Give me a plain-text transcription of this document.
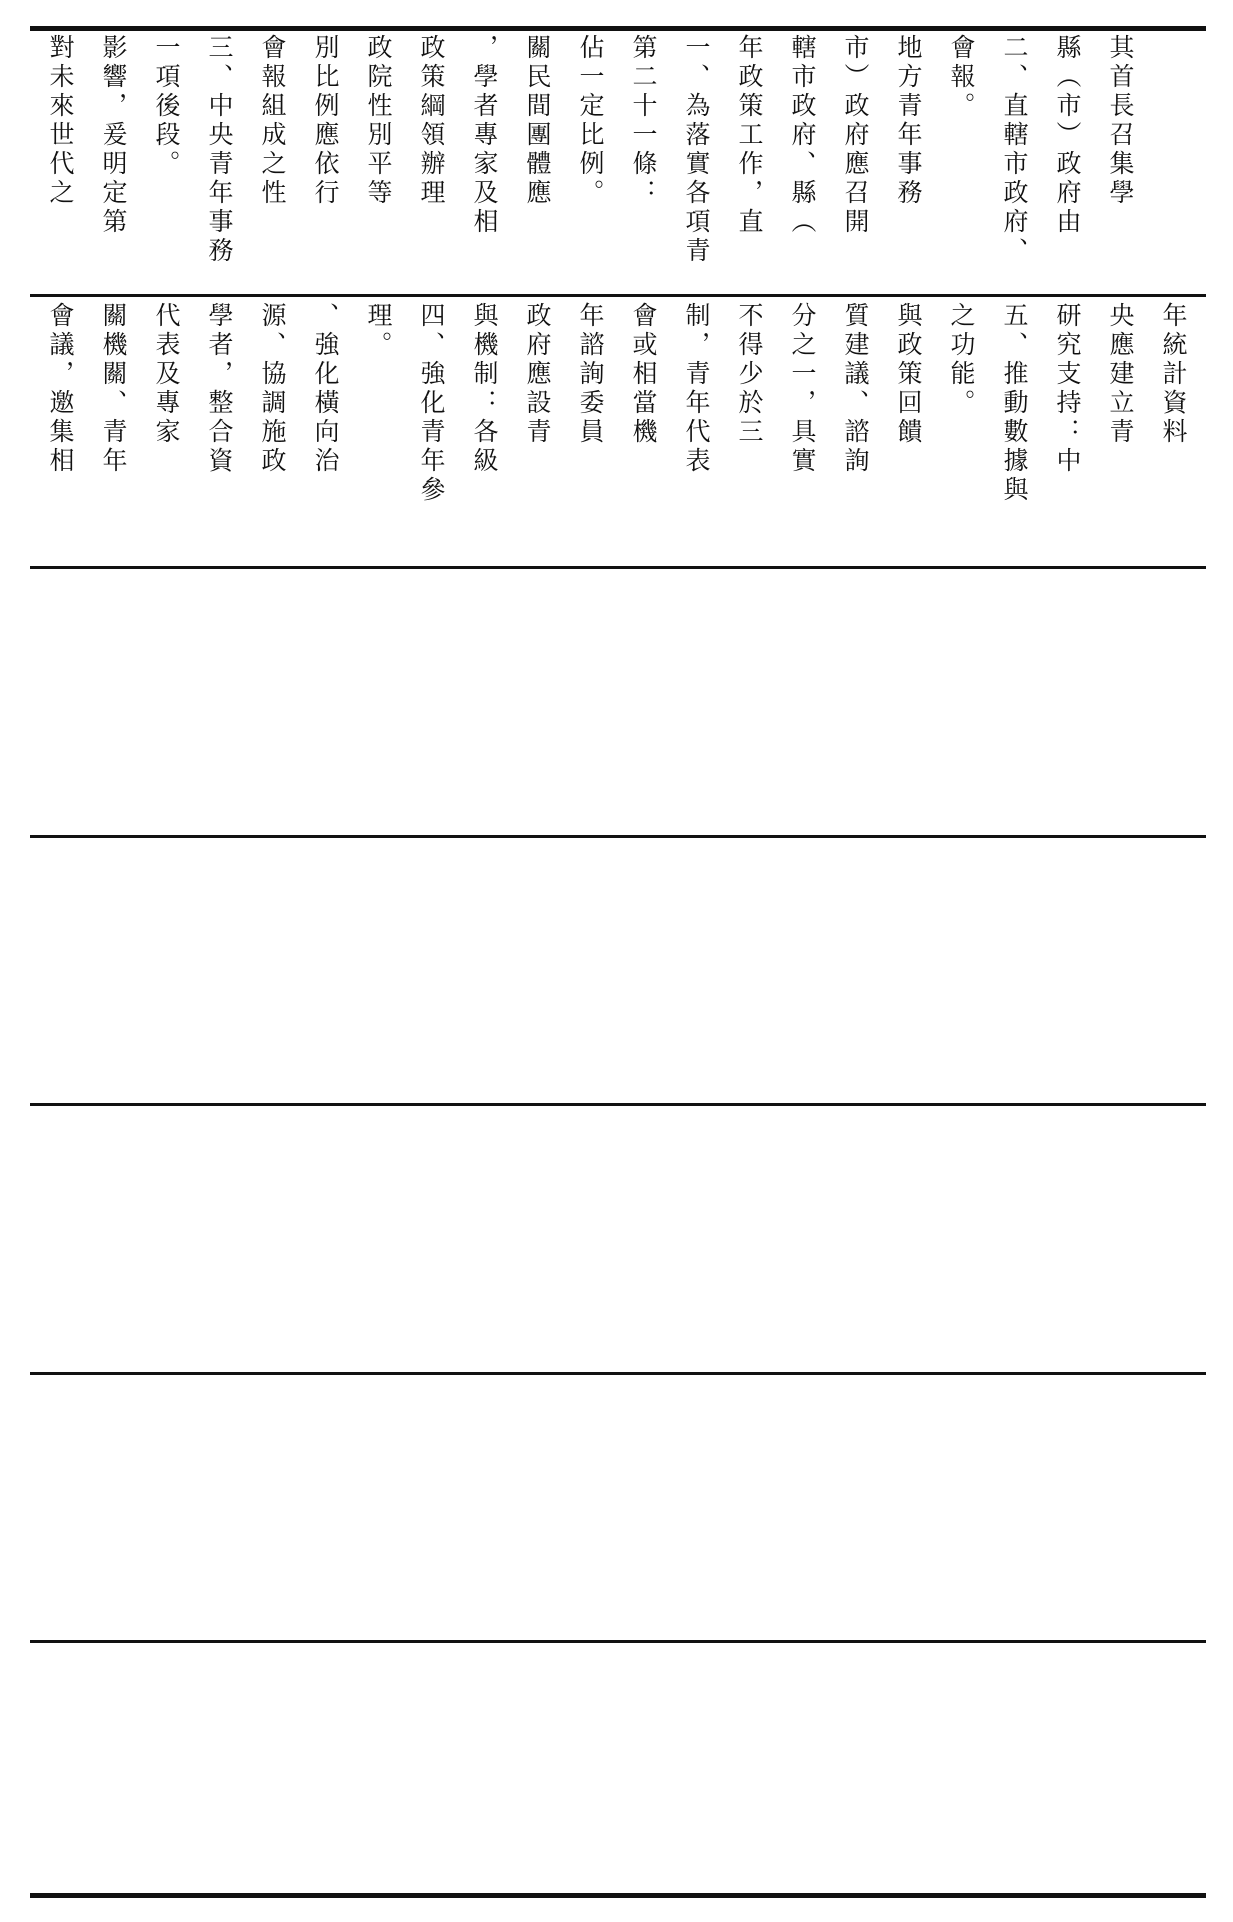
對未來世代之 影響，爰明定第 一項後段。 三、中央青年事務 會報組成之性 別比例應依行 政院性別平等 政策綱領辦理 ，學者專家及相 關民間團體應 佔一定比例。 第二十一條： 一、為落實各項青 年政策工作，直 轄市政府、縣（ 市）政府應召開 地方青年事務 會報。 二、直轄市政府、 縣（市）政府由 其首長召集學
會議，邀集相 關機關、青年 代表及專家 學者，整合資 源、協調施政 、強化橫向治 理。 四、強化青年參 與機制：各級 政府應設青 年諮詢委員 會或相當機 制，青年代表 不得少於三 分之一，具實 質建議、諮詢 與政策回饋 之功能。 五、推動數據與 研究支持：中 央應建立青 年統計資料
